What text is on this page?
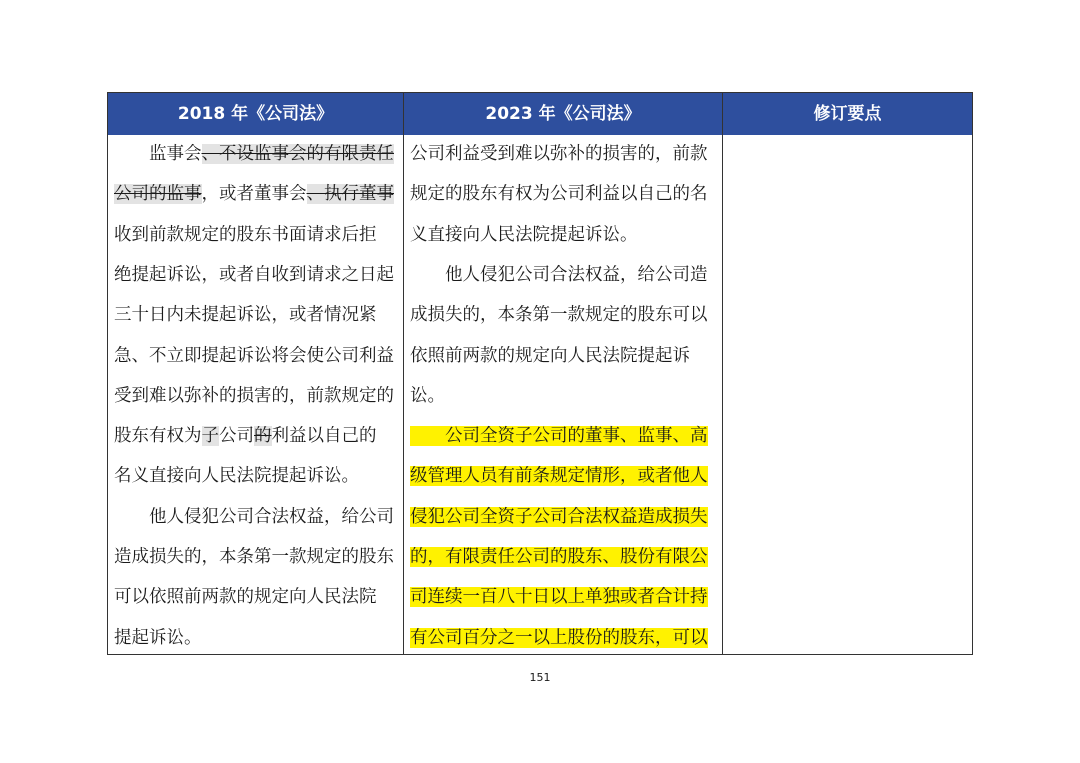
2018 年《公司法》	2023 年《公司法》	修订要点
　　监事会、不设监事会的有限责任
公司的监事，或者董事会、执行董事
收到前款规定的股东书面请求后拒
绝提起诉讼，或者自收到请求之日起
三十日内未提起诉讼，或者情况紧
急、不立即提起诉讼将会使公司利益
受到难以弥补的损害的，前款规定的
股东有权为子公司的利益以自己的
名义直接向人民法院提起诉讼。
　　他人侵犯公司合法权益，给公司
造成损失的，本条第一款规定的股东
可以依照前两款的规定向人民法院
提起诉讼。
公司利益受到难以弥补的损害的，前款
规定的股东有权为公司利益以自己的名
义直接向人民法院提起诉讼。
　　他人侵犯公司合法权益，给公司造
成损失的，本条第一款规定的股东可以
依照前两款的规定向人民法院提起诉
讼。
　　公司全资子公司的董事、监事、高
级管理人员有前条规定情形，或者他人
侵犯公司全资子公司合法权益造成损失
的，有限责任公司的股东、股份有限公
司连续一百八十日以上单独或者合计持
有公司百分之一以上股份的股东，可以
151
